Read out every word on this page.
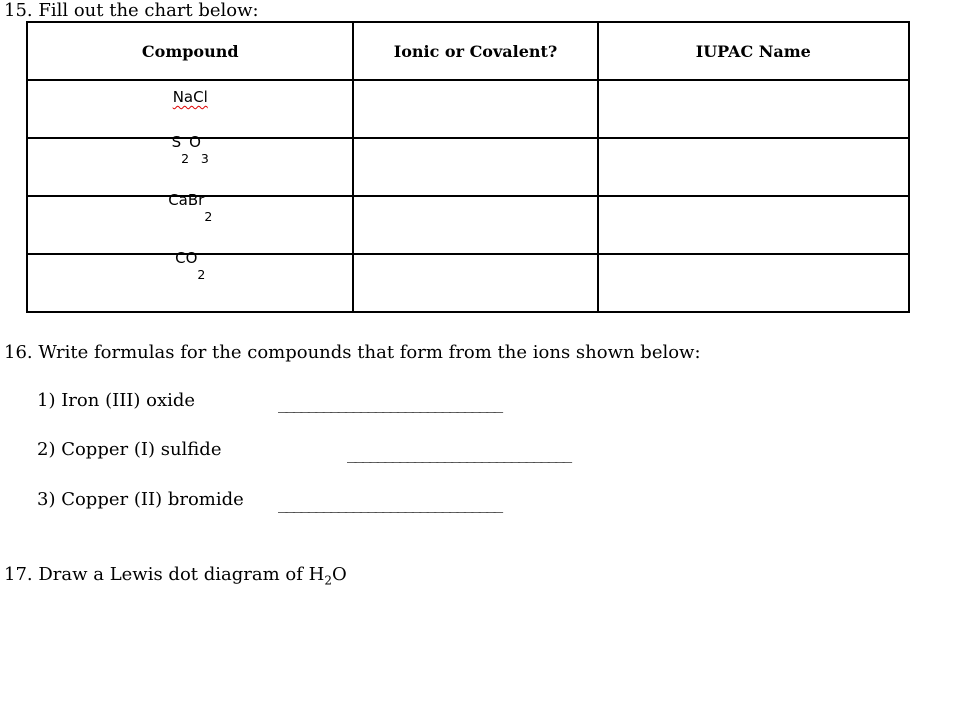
15. Fill out the chart below:
Compound	Ionic or Covalent?	IUPAC Name
NaCl		
$S_2O_3$		
CaBr$_2$		
$CO_2$		
16. Write formulas for the compounds that form from the ions shown below:
1) Iron (III) oxide	______________________________
2) Copper (I) sulfide	______________________________
3) Copper (II) bromide ______________________________
17. Draw a Lewis dot diagram of $H_2O$
